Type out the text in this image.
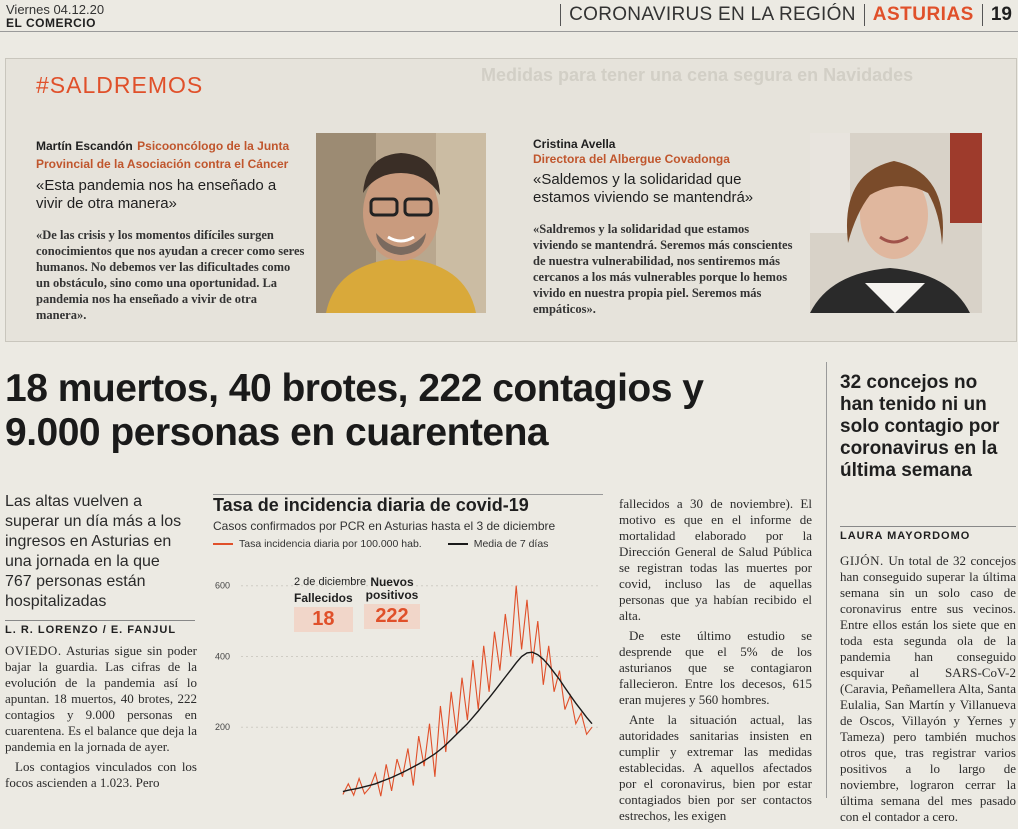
Viernes 04.12.20
EL COMERCIO	CORONAVIRUS EN LA REGIÓN ASTURIAS 19
Medidas para tener una cena segura en Navidades
#SALDREMOS
Martín Escandón Psicooncólogo de la Junta Provincial de la Asociación contra el Cáncer
«Esta pandemia nos ha enseñado a vivir de otra manera»
«De las crisis y los momentos difíciles surgen conocimientos que nos ayudan a crecer como seres humanos. No debemos ver las dificultades como un obstáculo, sino como una oportunidad. La pandemia nos ha enseñado a vivir de otra manera».
Cristina Avella
Directora del Albergue Covadonga
«Saldemos y la solidaridad que estamos viviendo se mantendrá»
«Saldremos y la solidaridad que estamos viviendo se mantendrá. Seremos más conscientes de nuestra vulnerabilidad, nos sentiremos más cercanos a los más vulnerables porque lo hemos vivido en nuestra propia piel. Seremos más empáticos».
18 muertos, 40 brotes, 222 contagios y 9.000 personas en cuarentena
Las altas vuelven a superar un día más a los ingresos en Asturias en una jornada en la que 767 personas están hospitalizadas
L. R. LORENZO / E. FANJUL

OVIEDO. Asturias sigue sin poder bajar la guardia. Las cifras de la evolución de la pandemia así lo apuntan. 18 muertos, 40 brotes, 222 contagios y 9.000 personas en cuarentena. Es el balance que deja la pandemia en la jornada de ayer.

Los contagios vinculados con los focos ascienden a 1.023. Pero

Tasa de incidencia diaria de covid-19
Casos confirmados por PCR en Asturias hasta el 3 de diciembre
Tasa incidencia diaria por 100.000 hab.	Media de 7 días
200
400
600	2 de diciembre
Fallecidos
18
Nuevos positivos
222

fallecidos a 30 de noviembre). El motivo es que en el informe de mortalidad elaborado por la Dirección General de Salud Pública se registran todas las muertes por covid, incluso las de aquellas personas que ya habían recibido el alta.

De este último estudio se desprende que el 5% de los asturianos que se contagiaron fallecieron. Entre los decesos, 615 eran mujeres y 560 hombres.

Ante la situación actual, las autoridades sanitarias insisten en cumplir y extremar las medidas establecidas. A aquellos afectados por el coronavirus, bien por estar contagiados bien por ser contactos estrechos, les exigen

32 concejos no han tenido ni un solo contagio por coronavirus en la última semana
LAURA MAYORDOMO

GIJÓN. Un total de 32 concejos han conseguido superar la última semana sin un solo caso de coronavirus entre sus vecinos. Entre ellos están los siete que en toda esta segunda ola de la pandemia han conseguido esquivar al SARS-CoV-2 (Caravia, Peñamellera Alta, Santa Eulalia, San Martín y Villanueva de Oscos, Villayón y Yernes y Tameza) pero también muchos otros que, tras registrar varios positivos a lo largo de noviembre, lograron cerrar la última semana del mes pasado con el contador a cero.
